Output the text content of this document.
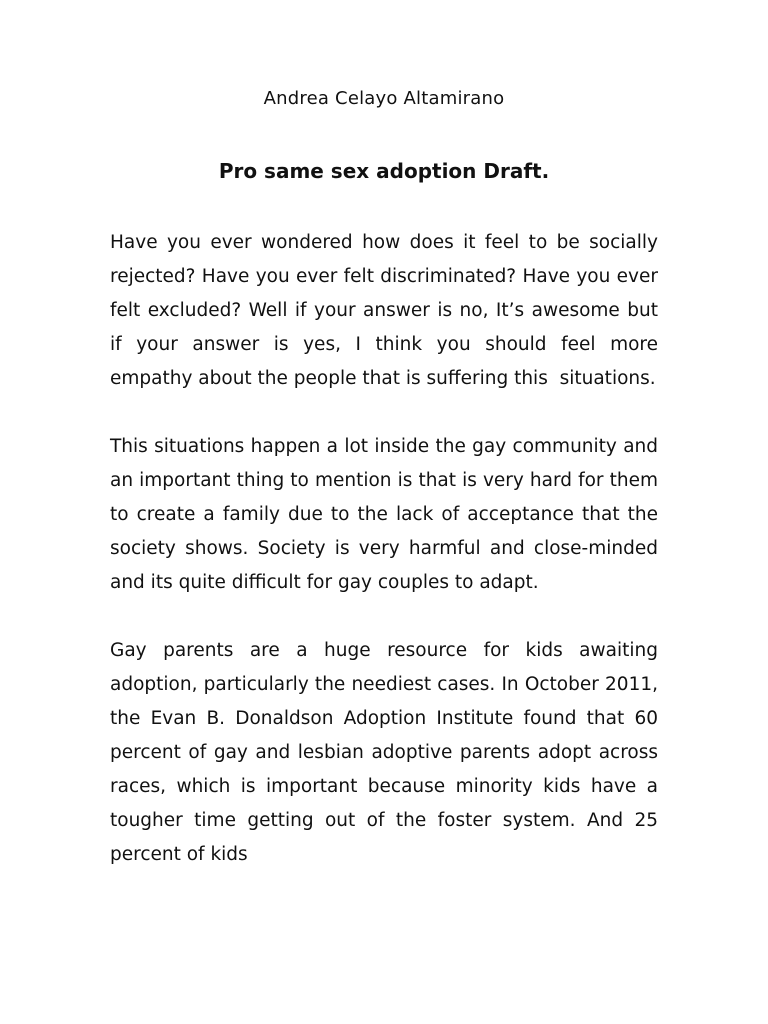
Andrea Celayo Altamirano
Pro same sex adoption Draft.

Have you ever wondered how does it feel to be socially rejected? Have you ever felt discriminated? Have you ever felt excluded? Well if your answer is no, It’s awesome but if your answer is yes, I think you should feel more empathy about the people that is suffering this  situations.

This situations happen a lot inside the gay community and an important thing to mention is that is very hard for them to create a family due to the lack of acceptance that the society shows. Society is very harmful and close-minded and its quite difficult for gay couples to adapt.

Gay parents are a huge resource for kids awaiting adoption, particularly the neediest cases. In October 2011, the Evan B. Donaldson Adoption Institute found that 60 percent of gay and lesbian adoptive parents adopt across races, which is important because minority kids have a tougher time getting out of the foster system. And 25 percent of kids
